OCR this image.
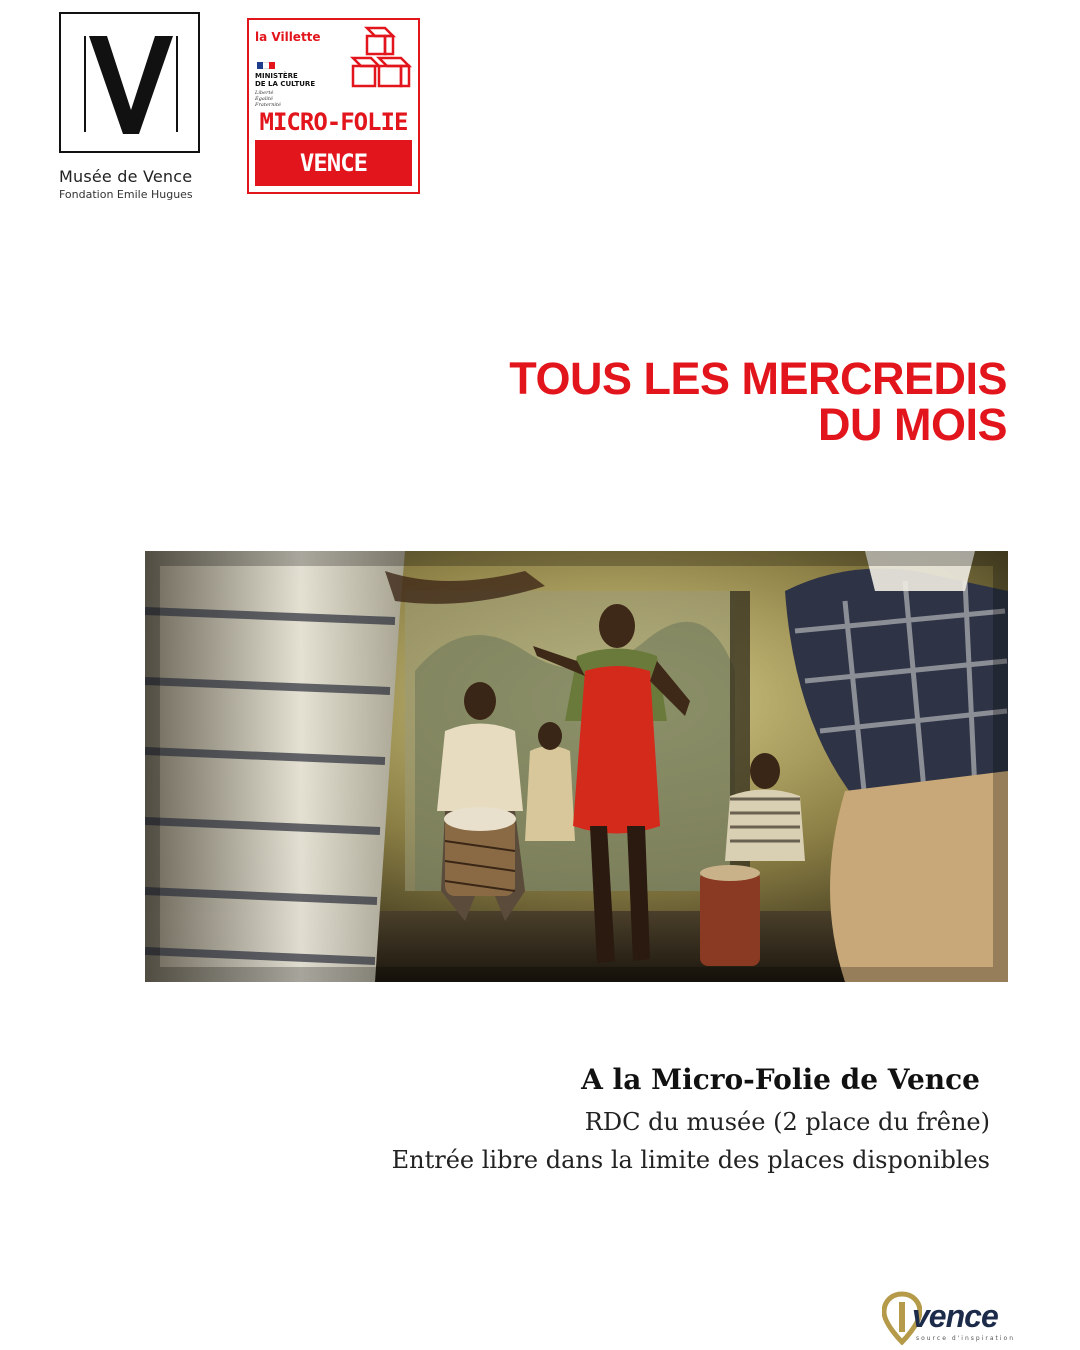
Musée de Vence
Fondation Emile Hugues
la Villette
MINISTÈRE
DE LA CULTURE
Liberté
Égalité
Fraternité
MICRO-FOLIE
VENCE
TOUS LES MERCREDIS
DU MOIS
A la Micro-Folie de Vence
RDC du musée (2 place du frêne)
Entrée libre dans la limite des places disponibles
vence
source d'inspiration
